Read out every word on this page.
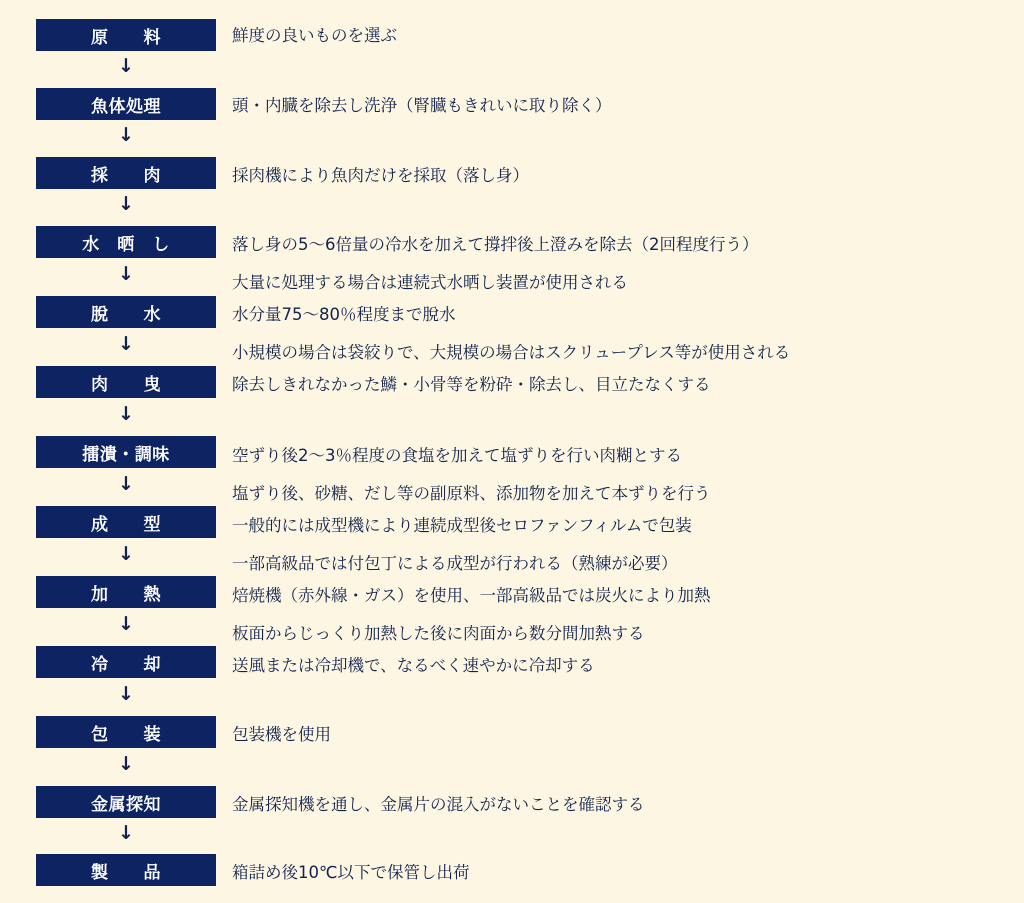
原　　料
魚体処理
採　　肉
水　晒　し
脫　　水
肉　　曳
擂潰・調味
成　　型
加　　熱
冷　　却
包　　装
金属探知
製　　品
↓
↓
↓
↓
↓
↓
↓
↓
↓
↓
↓
↓
鮮度の良いものを選ぶ
頭・内臓を除去し洗浄（腎臓もきれいに取り除く）
採肉機により魚肉だけを採取（落し身）
落し身の5～6倍量の冷水を加えて撐拌後上澄みを除去（2回程度行う）
大量に処理する場合は連続式水晒し装置が使用される
水分量75～80％程度まで脫水
小規模の場合は袋絞りで、大規模の場合はスクリュープレス等が使用される
除去しきれなかった鱗・小骨等を粉砕・除去し、目立たなくする
空ずり後2～3％程度の食塩を加えて塩ずりを行い肉糊とする
塩ずり後、砂糖、だし等の副原料、添加物を加えて本ずりを行う
一般的には成型機により連続成型後セロファンフィルムで包装
一部高級品では付包丁による成型が行われる（熟練が必要）
焙焼機（赤外線・ガス）を使用、一部高級品では炭火により加熱
板面からじっくり加熱した後に肉面から数分間加熱する
送風または冷却機で、なるべく速やかに冷却する
包装機を使用
金属探知機を通し、金属片の混入がないことを確認する
箱詰め後10℃以下で保管し出荷
